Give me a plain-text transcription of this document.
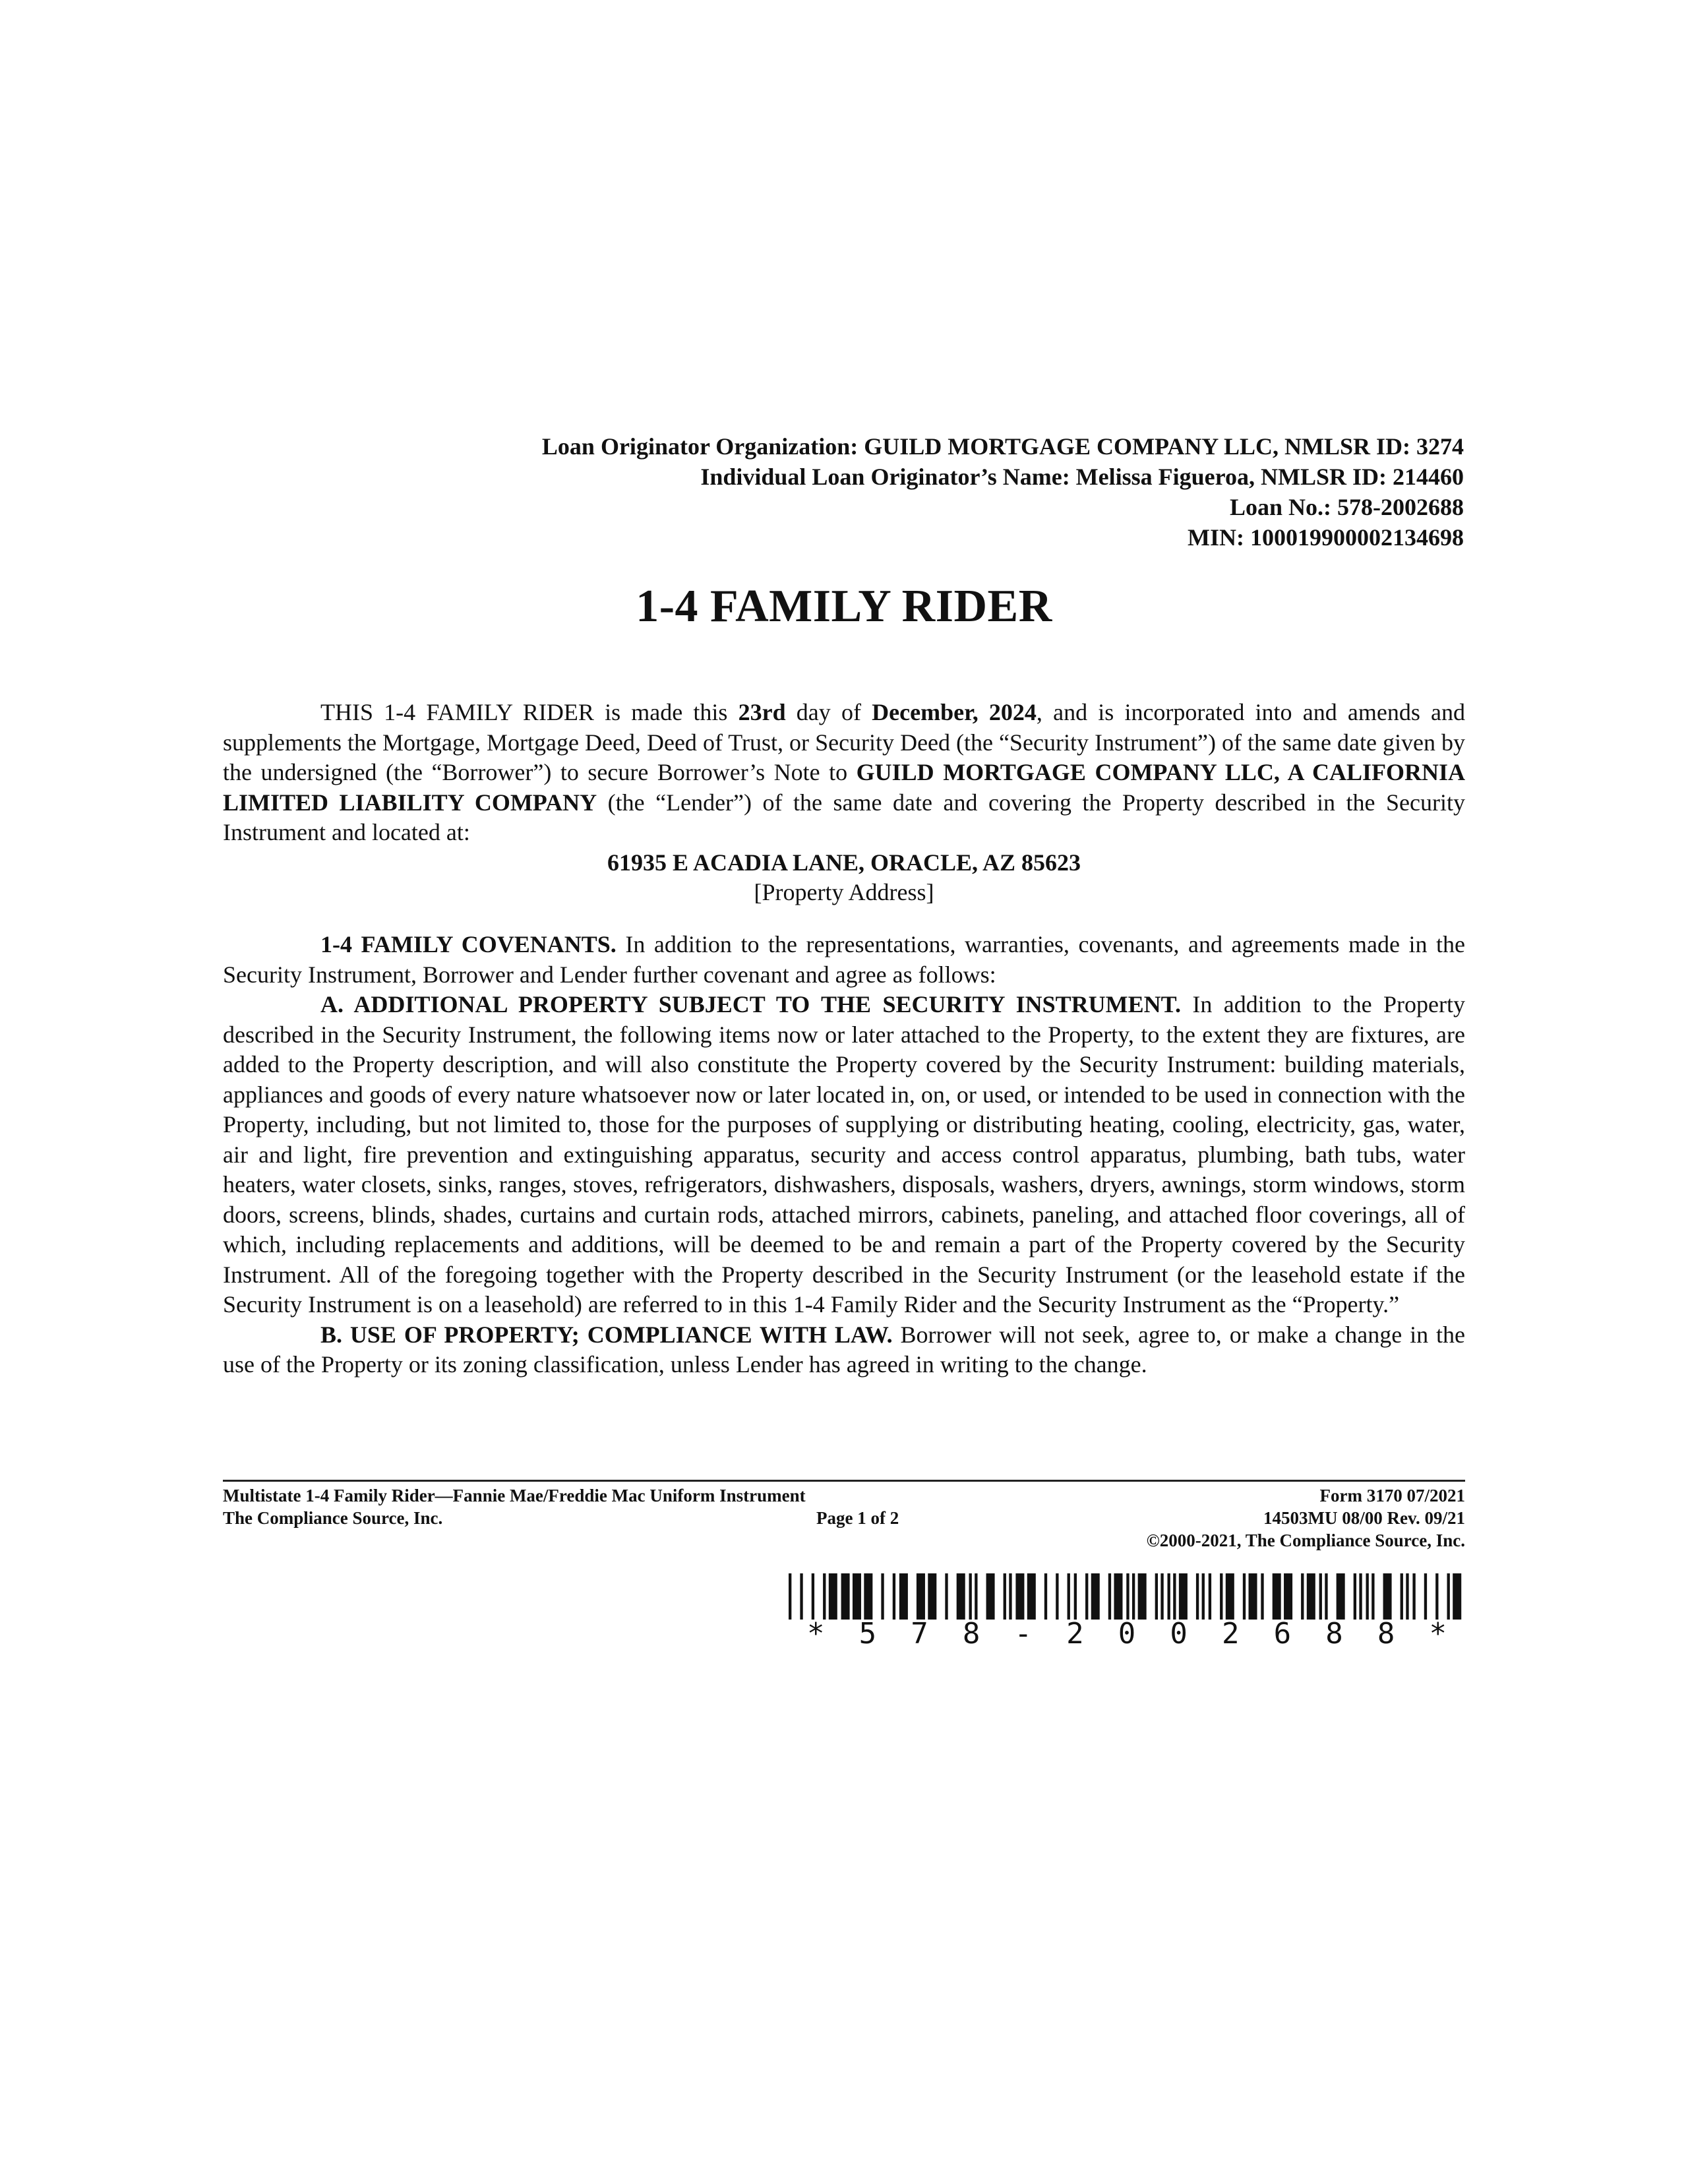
Loan Originator Organization: GUILD MORTGAGE COMPANY LLC, NMLSR ID: 3274
Individual Loan Originator’s Name: Melissa Figueroa, NMLSR ID: 214460
Loan No.: 578-2002688
MIN: 100019900002134698
1-4 FAMILY RIDER
THIS 1-4 FAMILY RIDER is made this 23rd day of December, 2024, and is incorporated into and amends and supplements the Mortgage, Mortgage Deed, Deed of Trust, or Security Deed (the “Security Instrument”) of the same date given by the undersigned (the “Borrower”) to secure Borrower’s Note to GUILD MORTGAGE COMPANY LLC, A CALIFORNIA LIMITED LIABILITY COMPANY (the “Lender”) of the same date and covering the Property described in the Security Instrument and located at:
61935 E ACADIA LANE, ORACLE, AZ 85623
[Property Address]
1-4 FAMILY COVENANTS. In addition to the representations, warranties, covenants, and agreements made in the Security Instrument, Borrower and Lender further covenant and agree as follows:
A. ADDITIONAL PROPERTY SUBJECT TO THE SECURITY INSTRUMENT. In addition to the Property described in the Security Instrument, the following items now or later attached to the Property, to the extent they are fixtures, are added to the Property description, and will also constitute the Property covered by the Security Instrument: building materials, appliances and goods of every nature whatsoever now or later located in, on, or used, or intended to be used in connection with the Property, including, but not limited to, those for the purposes of supplying or distributing heating, cooling, electricity, gas, water, air and light, fire prevention and extinguishing apparatus, security and access control apparatus, plumbing, bath tubs, water heaters, water closets, sinks, ranges, stoves, refrigerators, dishwashers, disposals, washers, dryers, awnings, storm windows, storm doors, screens, blinds, shades, curtains and curtain rods, attached mirrors, cabinets, paneling, and attached floor coverings, all of which, including replacements and additions, will be deemed to be and remain a part of the Property covered by the Security Instrument. All of the foregoing together with the Property described in the Security Instrument (or the leasehold estate if the Security Instrument is on a leasehold) are referred to in this 1-4 Family Rider and the Security Instrument as the “Property.”
B. USE OF PROPERTY; COMPLIANCE WITH LAW. Borrower will not seek, agree to, or make a change in the use of the Property or its zoning classification, unless Lender has agreed in writing to the change.
Multistate 1-4 Family Rider—Fannie Mae/Freddie Mac Uniform Instrument	Form 3170 07/2021
The Compliance Source, Inc.	Page 1 of 2	14503MU 08/00 Rev. 09/21
©2000-2021, The Compliance Source, Inc.
* 5 7 8 - 2 0 0 2 6 8 8 *
